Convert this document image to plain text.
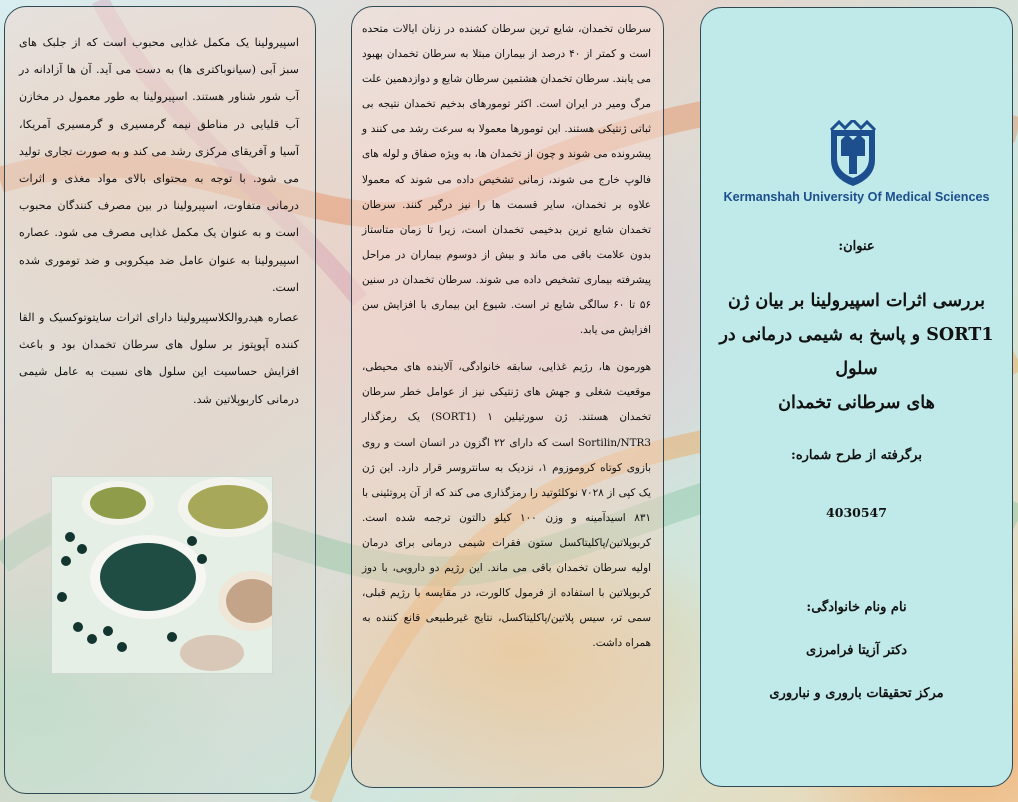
اسپیرولینا یک مکمل غذایی محبوب است که از جلبک های سبز آبی (سیانوباکتری ها) به دست می آید. آن ها آزادانه در آب شور شناور هستند. اسپیرولینا به طور معمول در مخازن آب قلیایی در مناطق نیمه گرمسیری و گرمسیری آمریکا، آسیا و آفریقای مرکزی رشد می کند و به صورت تجاری تولید می شود. با توجه به محتوای بالای مواد مغذی و اثرات درمانی متفاوت، اسپیرولینا در بین مصرف کنندگان محبوب است و به عنوان یک مکمل غذایی مصرف می شود. عصاره اسپیرولینا به عنوان عامل ضد میکروبی و ضد توموری شده است.

عصاره هیدروالکلاسپیرولینا دارای اثرات سایتوتوکسیک و القا کننده آپوپتوز بر سلول های سرطان تخمدان بود و باعث افزایش حساسیت این سلول های نسبت به عامل شیمی درمانی کاربوپلاتین شد.

سرطان تخمدان، شایع ترین سرطان کشنده در زنان ایالات متحده است و کمتر از ۴۰ درصد از بیماران مبتلا به سرطان تخمدان بهبود می یابند. سرطان تخمدان هشتمین سرطان شایع و دوازدهمین علت مرگ ومیر در ایران است. اکثر تومورهای بدخیم تخمدان نتیجه بی ثباتی ژنتیکی هستند. این تومورها معمولا به سرعت رشد می کنند و پیشرونده می شوند و چون از تخمدان ها، به ویژه صفاق و لوله های فالوپ خارج می شوند، زمانی تشخیص داده می شوند که معمولا علاوه بر تخمدان، سایر قسمت ها را نیز درگیر کنند. سرطان تخمدان شایع ترین بدخیمی تخمدان است، زیرا تا زمان متاستاز بدون علامت باقی می ماند و بیش از دوسوم بیماران در مراحل پیشرفته بیماری تشخیص داده می شوند. سرطان تخمدان در سنین ۵۶ تا ۶۰ سالگی شایع تر است. شیوع این بیماری با افزایش سن افزایش می یابد.

هورمون ها، رژیم غذایی، سابقه خانوادگی، آلاینده های محیطی، موقعیت شغلی و جهش های ژنتیکی نیز از عوامل خطر سرطان تخمدان هستند. ژن سورتیلین ۱ (SORT1) یک رمزگذار Sortilin/NTR3 است که دارای ۲۲ اگزون در انسان است و روی بازوی کوتاه کروموزوم ۱، نزدیک به سانتروسر قرار دارد. این ژن یک کپی از ۷۰۲۸ نوکلئوتید را رمزگذاری می کند که از آن پروتئینی با ۸۳۱ اسیدآمینه و وزن ۱۰۰ کیلو دالتون ترجمه شده است. کربوپلاتین/پاکلیتاکسل ستون فقرات شیمی درمانی برای درمان اولیه سرطان تخمدان باقی می ماند. این رژیم دو دارویی، با دوز کربوپلاتین با استفاده از فرمول کالورت، در مقایسه با رژیم قبلی، سمی تر، سیس پلاتین/پاکلیتاکسل، نتایج غیرطبیعی قانع کننده به همراه داشت.

Kermanshah University Of Medical Sciences
عنوان:
بررسی اثرات اسپیرولینا بر بیان ژن
SORT1 و پاسخ به شیمی درمانی در سلول
های سرطانی تخمدان
برگرفته از طرح شماره:
4030547
نام ونام خانوادگی:
دکتر آزیتا فرامرزی
مرکز تحقیقات باروری و نباروری
